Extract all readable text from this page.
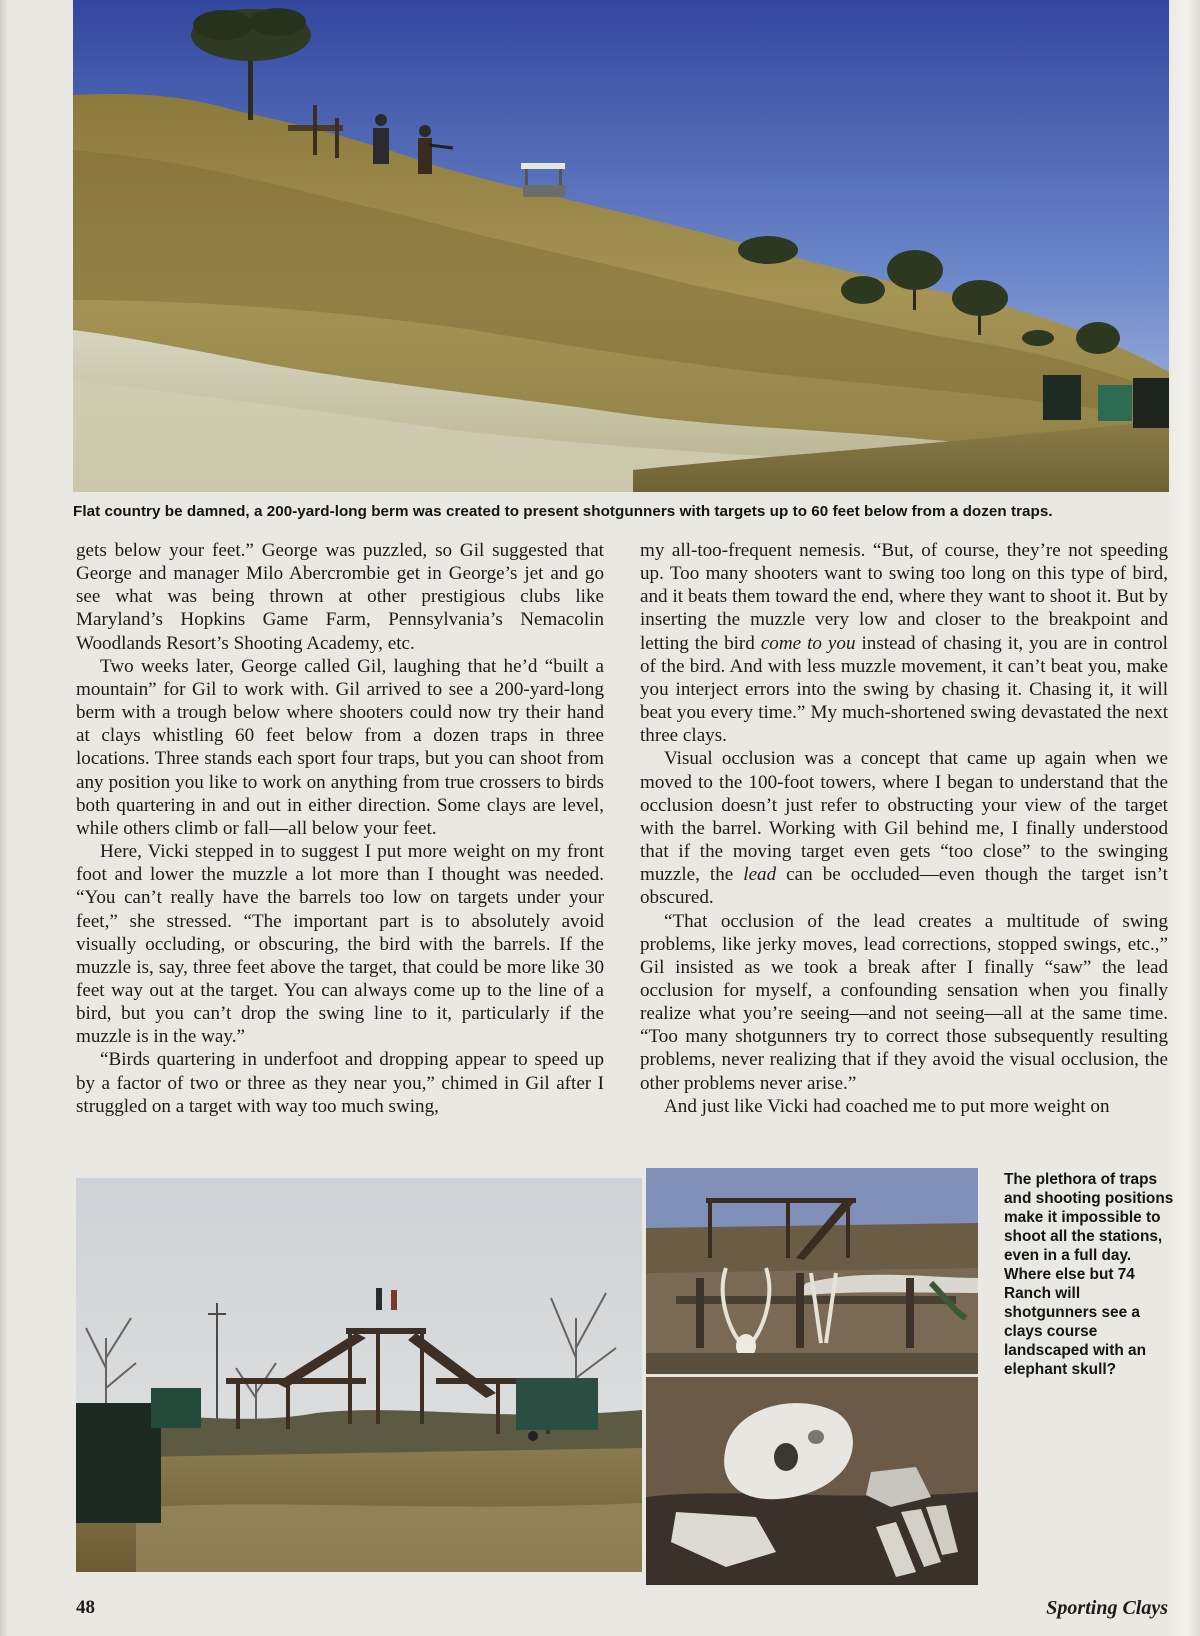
Flat country be damned, a 200-yard-long berm was created to present shotgunners with targets up to 60 feet below from a dozen traps.

gets below your feet.” George was puzzled, so Gil suggested that George and manager Milo Abercrombie get in George’s jet and go see what was being thrown at other prestigious clubs like Maryland’s Hopkins Game Farm, Pennsylvania’s Nemacolin Woodlands Resort’s Shooting Academy, etc.

Two weeks later, George called Gil, laughing that he’d “built a mountain” for Gil to work with. Gil arrived to see a 200-yard-long berm with a trough below where shooters could now try their hand at clays whistling 60 feet below from a dozen traps in three locations. Three stands each sport four traps, but you can shoot from any position you like to work on anything from true crossers to birds both quartering in and out in either direction. Some clays are level, while others climb or fall—all below your feet.

Here, Vicki stepped in to suggest I put more weight on my front foot and lower the muzzle a lot more than I thought was needed. “You can’t really have the barrels too low on targets under your feet,” she stressed. “The important part is to absolutely avoid visually occluding, or obscuring, the bird with the barrels. If the muzzle is, say, three feet above the target, that could be more like 30 feet way out at the target. You can always come up to the line of a bird, but you can’t drop the swing line to it, particularly if the muzzle is in the way.”

“Birds quartering in underfoot and dropping appear to speed up by a factor of two or three as they near you,” chimed in Gil after I struggled on a target with way too much swing,

my all-too-frequent nemesis. “But, of course, they’re not speeding up. Too many shooters want to swing too long on this type of bird, and it beats them toward the end, where they want to shoot it. But by inserting the muzzle very low and closer to the breakpoint and letting the bird come to you instead of chasing it, you are in control of the bird. And with less muzzle movement, it can’t beat you, make you interject errors into the swing by chasing it. Chasing it, it will beat you every time.” My much-shortened swing devastated the next three clays.

Visual occlusion was a concept that came up again when we moved to the 100-foot towers, where I began to understand that the occlusion doesn’t just refer to obstructing your view of the target with the barrel. Working with Gil behind me, I finally understood that if the moving target even gets “too close” to the swinging muzzle, the lead can be occluded—even though the target isn’t obscured.

“That occlusion of the lead creates a multitude of swing problems, like jerky moves, lead corrections, stopped swings, etc.,” Gil insisted as we took a break after I finally “saw” the lead occlusion for myself, a confounding sensation when you finally realize what you’re seeing—and not seeing—all at the same time. “Too many shotgunners try to correct those subsequently resulting problems, never realizing that if they avoid the visual occlusion, the other problems never arise.”

And just like Vicki had coached me to put more weight on

The plethora of traps and shooting positions make it impossible to shoot all the stations, even in a full day. Where else but 74 Ranch will shotgunners see a clays course landscaped with an elephant skull?
48	Sporting Clays
